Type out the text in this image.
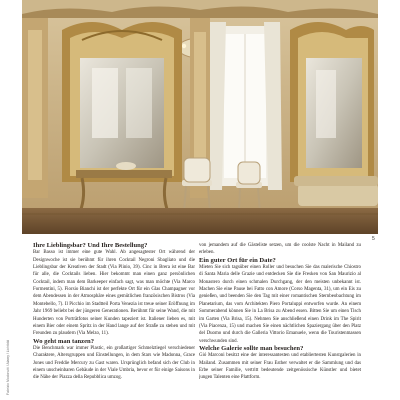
5
Fabrizio Modonutti / Alamy / Lichtbild

Ihre Lieblingsbar? Und Ihre Bestellung?

Bar Basso ist immer eine gute Wahl. Ab angesagtester Ort während der Designwoche ist sie berühmt für ihren Cocktail Negroni Sbagliato und die Lieblingsbar der Kreativen der Stadt (Via Plinio, 39). Cinc in Brera ist eine Bar für alle, die Cocktails lieben. Hier bekommt man einen ganz persönlichen Cocktail, indem man dem Barkeeper einfach sagt, was man möchte (Via Marco Formentini, 5). Fiorsio Bianchi ist der perfekte Ort für ein Glas Champagner vor dem Abendessen in der Atmosphäre eines gemütlichen französischen Bistros (Via Montebello, 7). Il Picchio im Stadtteil Porta Venezia ist treue seiner Eröffnung im Jahr 1969 beliebt bei der jüngeren Generationen. Berühmt für seine Wand, die mit Hunderten von Porträtfotos seiner Kunden tapeziert ist. Italiener lieben es, mit einem Bier oder einem Spritz in der Hand lange auf der Straße zu stehen und mit Freunden zu plaudern (Via Melzo, 11).

Wo geht man tanzen?

Die Benchmark war immer Plastic, ein großartiger Schmelztiegel verschiedener Charaktere, Altersgruppen und Einstellungen, in dem Stars wie Madonna, Grace Jones und Freddie Mercury zu Gast waren. Ursprünglich befand sich der Club in einem unscheinbaren Gebäude in der Viale Umbria, bevor er für einige Saisons in die Nähe der Piazza della Repubblica umzog.

von jemandem auf die Gästeliste setzen, um die coolste Nacht in Mailand zu erleben.

Ein guter Ort für ein Date?

Mieten Sie sich tagsüber einen Roller und besuchen Sie das malerische Chiostro di Santa Maria delle Grazie und entdecken Sie die Fresken von San Maurizio al Monastero durch einen schmalen Durchgang, der den meisten unbekannt ist. Machen Sie eine Pause bei Fatto con Amore (Corso Magenta, 31), um ein Eis zu genießen, und beenden Sie den Tag mit einer romantischen Sternbeobachtung im Planetarium, das vom Architekten Piero Portaluppi entworfen wurde. An einem Sommerabend können Sie in La Brisa zu Abend essen. Bitten Sie um einen Tisch im Garten (Via Brisa, 15). Nehmen Sie anschließend einen Drink im The Spirit (Via Piacenza, 15) und machen Sie einen nächtlichen Spaziergang über den Platz del Duomo und durch die Galleria Vittorio Emanuele, wenn die Touristenmassen verschwunden sind.

Welche Galerie sollte man besuchen?

Gió Marconi besitzt eine der interessantesten und etabliertesten Kunstgalerien in Mailand. Zusammen mit seiner Frau Esther verwaltet er die Sammlung und das Erbe seiner Familie, vertritt bedeutende zeitgenössische Künstler und bietet jungen Talenten eine Plattform.
